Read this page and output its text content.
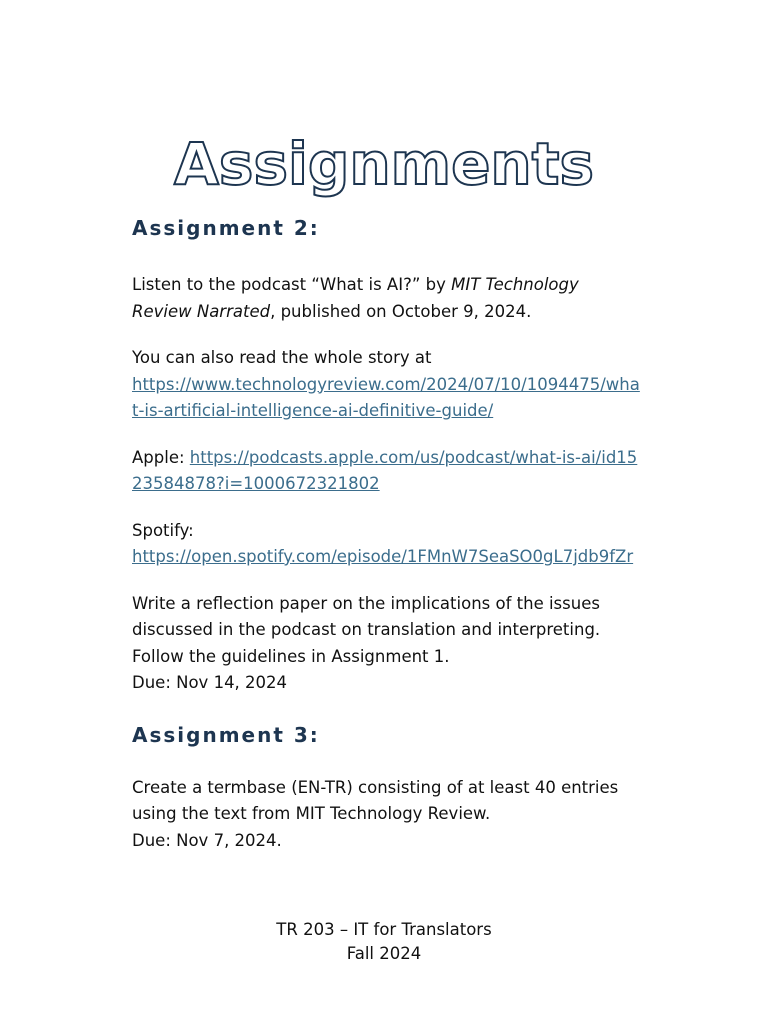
Assignments
Assignment 2:

Listen to the podcast “What is AI?” by MIT Technology Review Narrated, published on October 9, 2024.

You can also read the whole story at
https://www.technologyreview.com/2024/07/10/1094475/what-is-artificial-intelligence-ai-definitive-guide/

Apple: https://podcasts.apple.com/us/podcast/what-is-ai/id1523584878?i=1000672321802

Spotify:
https://open.spotify.com/episode/1FMnW7SeaSO0gL7jdb9fZr

Write a reflection paper on the implications of the issues discussed in the podcast on translation and interpreting. Follow the guidelines in Assignment 1.
Due: Nov 14, 2024

Assignment 3:

Create a termbase (EN-TR) consisting of at least 40 entries using the text from MIT Technology Review.
Due: Nov 7, 2024.

TR 203 – IT for Translators
Fall 2024
